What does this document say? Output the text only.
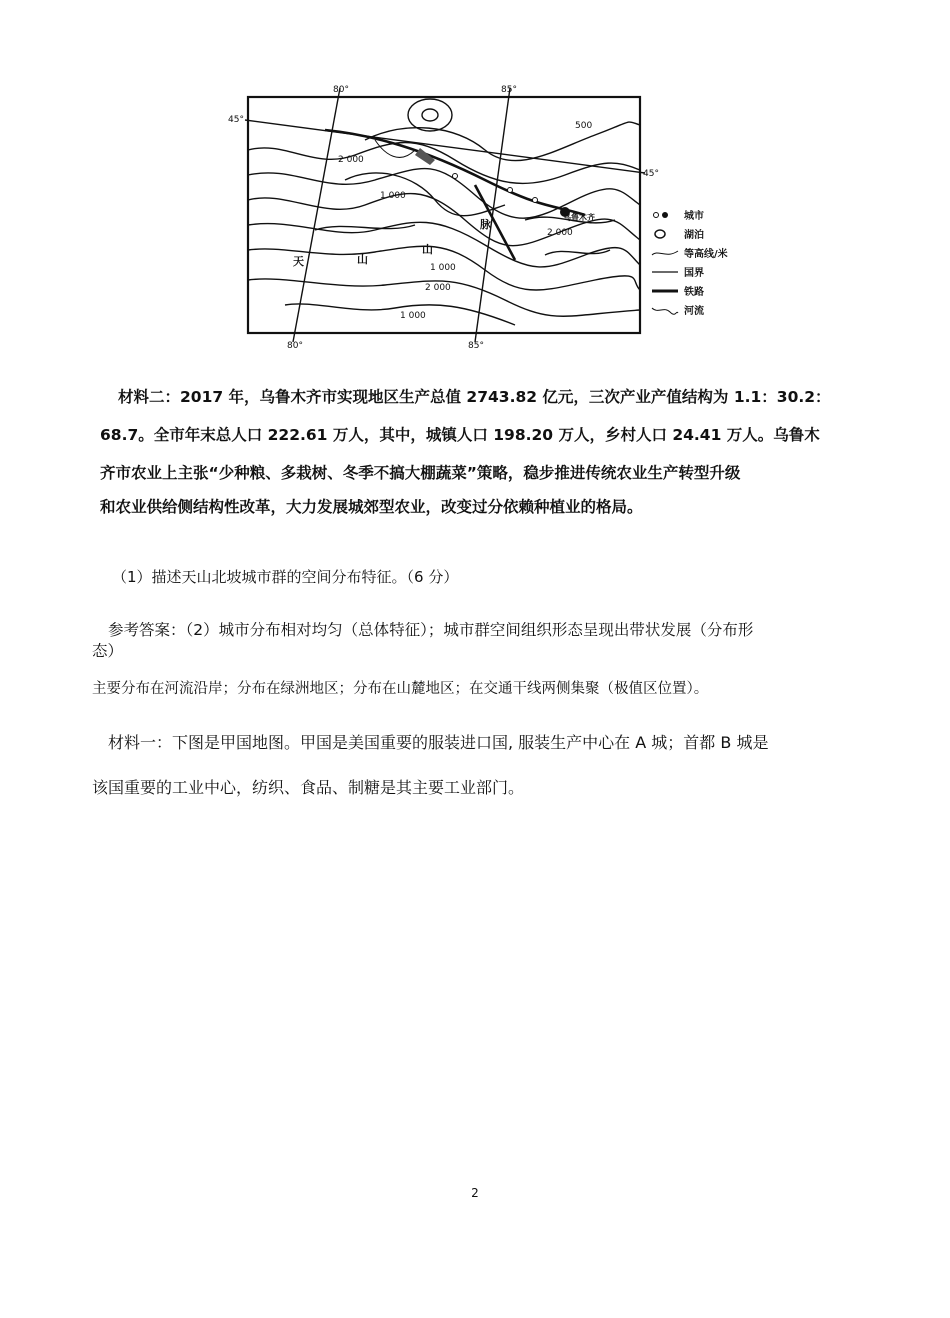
45°
45°
80°	85°
80°	85°
500
2 000
1 000
2 000
1 000
2 000
1 000
乌鲁木齐
天	山
山
脉
城市
湖泊
等高线/米
国界
铁路
河流
材料二：2017 年，乌鲁木齐市实现地区生产总值 2743.82 亿元，三次产业产值结构为 1.1：30.2：
68.7。全市年末总人口 222.61 万人，其中，城镇人口 198.20 万人，乡村人口 24.41 万人。乌鲁木
齐市农业上主张“少种粮、多栽树、冬季不搞大棚蔬菜”策略，稳步推进传统农业生产转型升级
和农业供给侧结构性改革，大力发展城郊型农业，改变过分依赖种植业的格局。
（1）描述天山北坡城市群的空间分布特征。（6 分）
参考答案：（2）城市分布相对均匀（总体特征）；城市群空间组织形态呈现出带状发展（分布形
态）
主要分布在河流沿岸；分布在绿洲地区；分布在山麓地区；在交通干线两侧集聚（极值区位置）。
材料一：下图是甲国地图。甲国是美国重要的服装进口国, 服装生产中心在 A 城；首都 B 城是
该国重要的工业中心，纺织、食品、制糖是其主要工业部门。
2
